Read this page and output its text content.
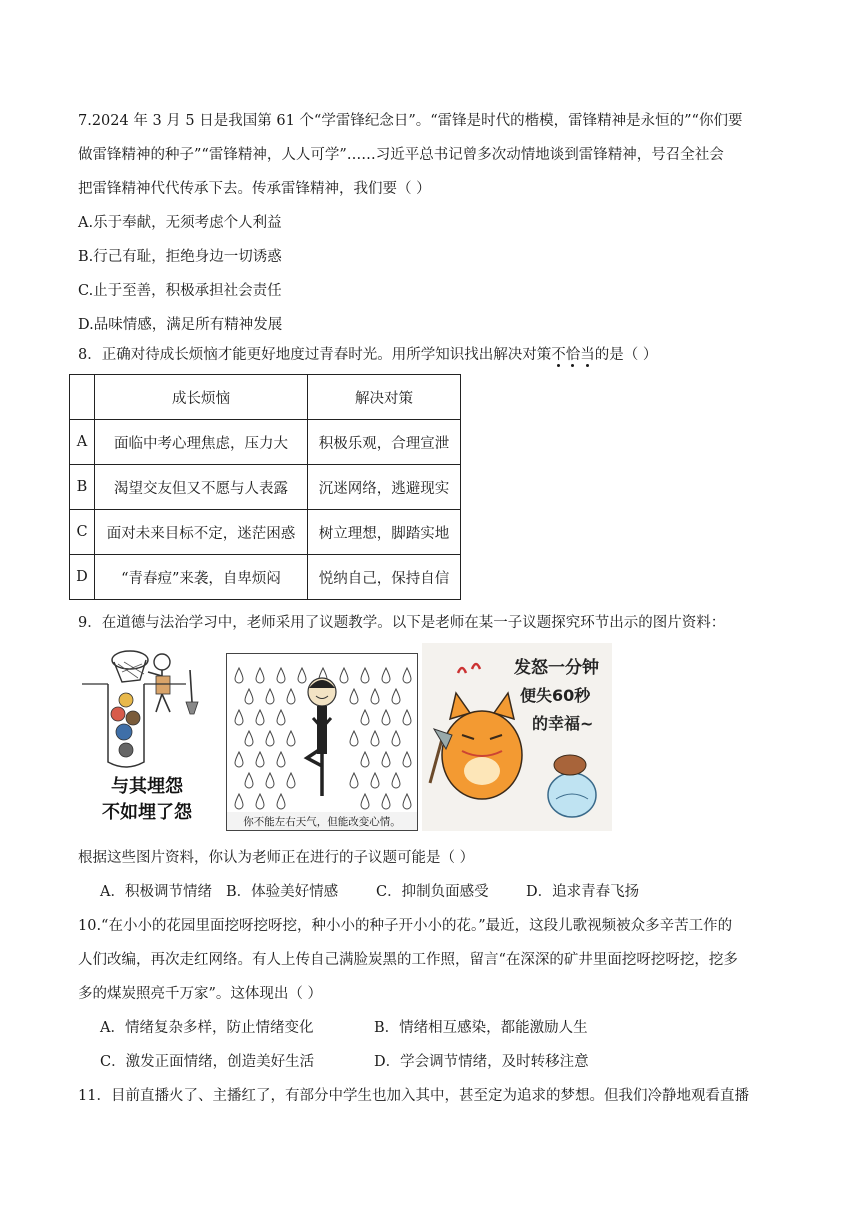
7.2024 年 3 月 5 日是我国第 61 个“学雷锋纪念日”。“雷锋是时代的楷模，雷锋精神是永恒的”“你们要
做雷锋精神的种子”“雷锋精神，人人可学”……习近平总书记曾多次动情地谈到雷锋精神，号召全社会
把雷锋精神代代传承下去。传承雷锋精神，我们要（ ）
A.乐于奉献，无须考虑个人利益
B.行己有耻，拒绝身边一切诱惑
C.止于至善，积极承担社会责任
D.品味情感，满足所有精神发展
8．正确对待成长烦恼才能更好地度过青春时光。用所学知识找出解决对策不恰当的是（ ）
	成长烦恼	解决对策
A	面临中考心理焦虑，压力大	积极乐观，合理宣泄
B	渴望交友但又不愿与人表露	沉迷网络，逃避现实
C	面对未来目标不定，迷茫困惑	树立理想，脚踏实地
D	“青春痘”来袭，自卑烦闷	悦纳自己，保持自信
9．在道德与法治学习中，老师采用了议题教学。以下是老师在某一子议题探究环节出示的图片资料：
与其埋怨
不如埋了怨	你不能左右天气，但能改变心情。
发怒一分钟
便失60秒
的幸福~
根据这些图片资料，你认为老师正在进行的子议题可能是（ ）
A．积极调节情绪 B．体验美好情感	C．抑制负面感受	D．追求青春飞扬
10.“在小小的花园里面挖呀挖呀挖，种小小的种子开小小的花。”最近，这段儿歌视频被众多辛苦工作的
人们改编，再次走红网络。有人上传自己满脸炭黑的工作照，留言“在深深的矿井里面挖呀挖呀挖，挖多
多的煤炭照亮千万家”。这体现出（ ）
A．情绪复杂多样，防止情绪变化	B．情绪相互感染，都能激励人生
C．激发正面情绪，创造美好生活	D．学会调节情绪，及时转移注意
11．目前直播火了、主播红了，有部分中学生也加入其中，甚至定为追求的梦想。但我们冷静地观看直播
